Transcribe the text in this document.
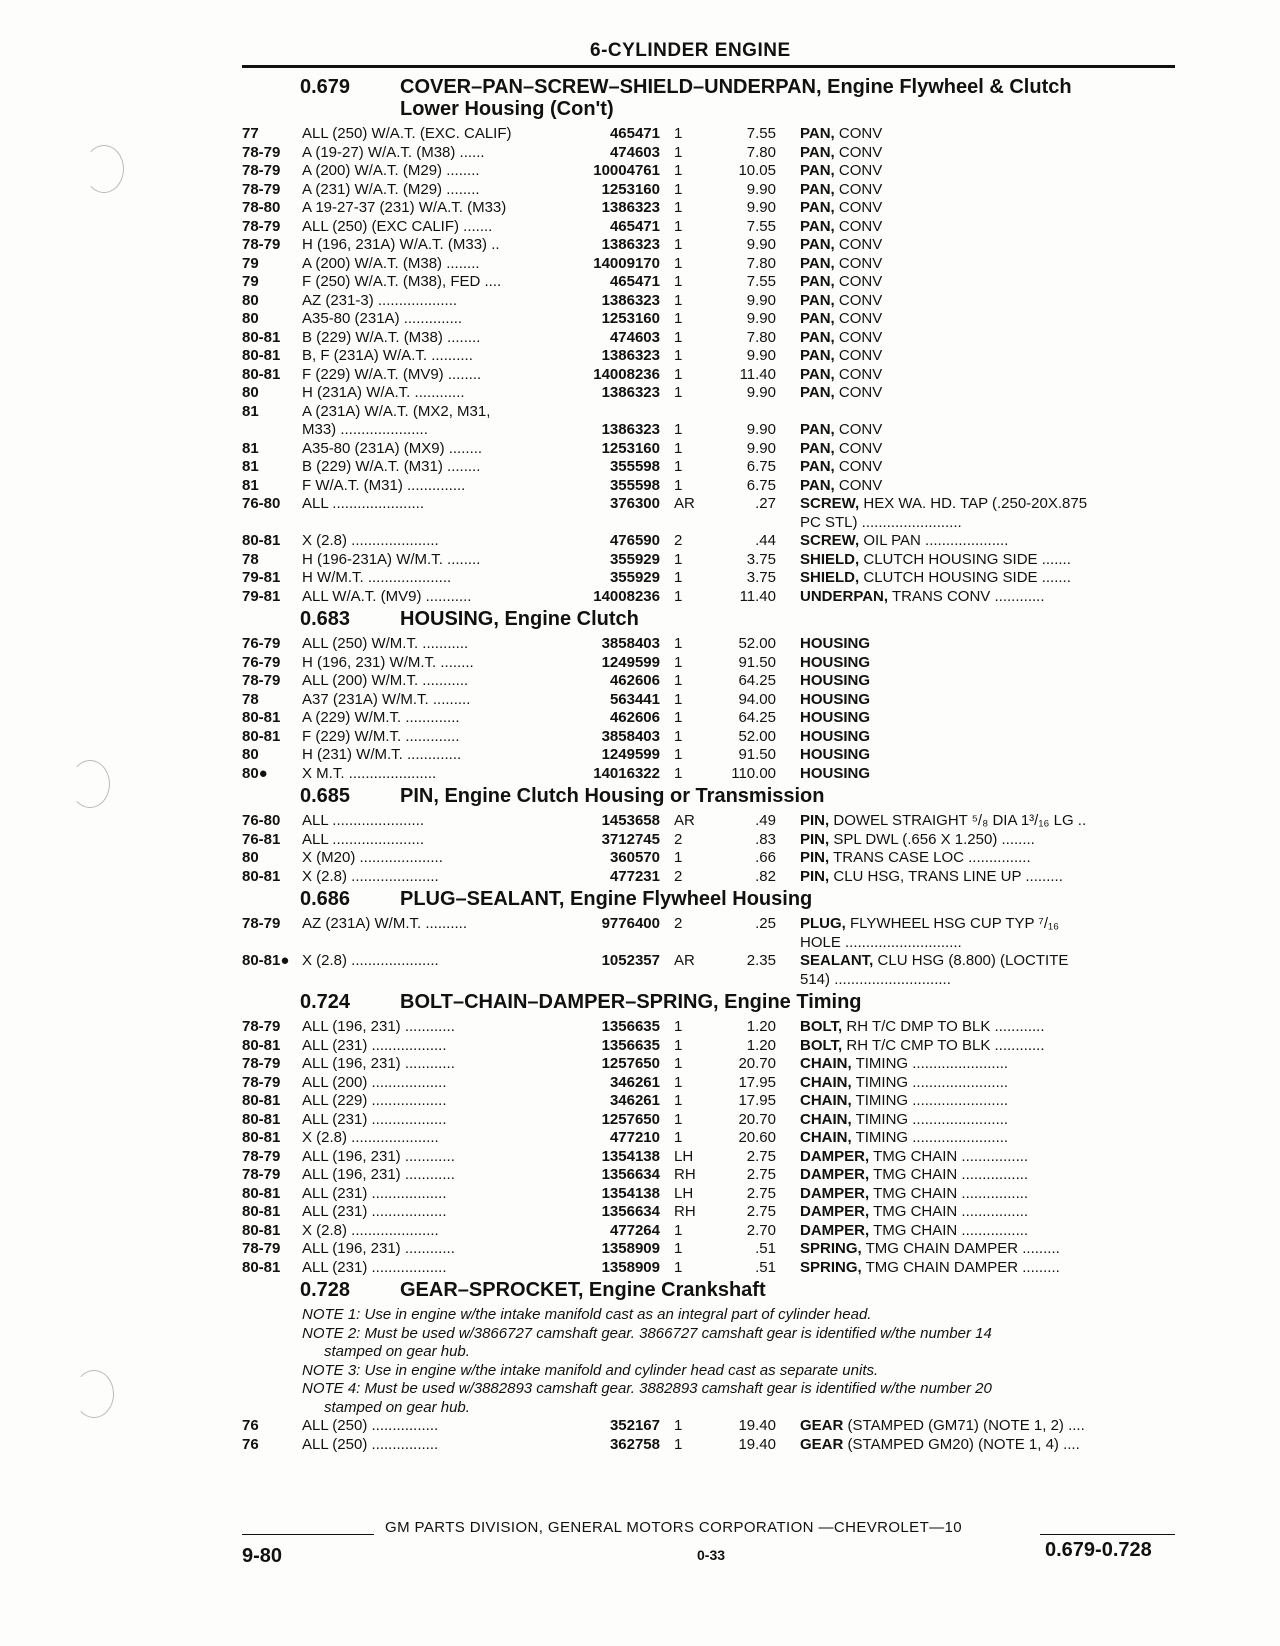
6-CYLINDER ENGINE
0.679	COVER–PAN–SCREW–SHIELD–UNDERPAN, Engine Flywheel & Clutch
Lower Housing (Con't)
77	ALL (250) W/A.T. (EXC. CALIF)	465471 1	7.55	PAN, CONV
78-79	A (19-27) W/A.T. (M38) ......	474603 1	7.80	PAN, CONV
78-79	A (200) W/A.T. (M29) ........	10004761 1	10.05	PAN, CONV
78-79	A (231) W/A.T. (M29) ........	1253160 1	9.90	PAN, CONV
78-80	A 19-27-37 (231) W/A.T. (M33)	1386323 1	9.90	PAN, CONV
78-79	ALL (250) (EXC CALIF) .......	465471 1	7.55	PAN, CONV
78-79	H (196, 231A) W/A.T. (M33) ..	1386323 1	9.90	PAN, CONV
79	A (200) W/A.T. (M38) ........	14009170 1	7.80	PAN, CONV
79	F (250) W/A.T. (M38), FED ....	465471 1	7.55	PAN, CONV
80	AZ (231-3) ...................	1386323 1	9.90	PAN, CONV
80	A35-80 (231A) ..............	1253160 1	9.90	PAN, CONV
80-81	B (229) W/A.T. (M38) ........	474603 1	7.80	PAN, CONV
80-81	B, F (231A) W/A.T. ..........	1386323 1	9.90	PAN, CONV
80-81	F (229) W/A.T. (MV9) ........	14008236 1	11.40	PAN, CONV
80	H (231A) W/A.T. ............	1386323 1	9.90	PAN, CONV
81	A (231A) W/A.T. (MX2, M31,
M33) .....................	1386323 1	9.90	PAN, CONV
81	A35-80 (231A) (MX9) ........	1253160 1	9.90	PAN, CONV
81	B (229) W/A.T. (M31) ........	355598 1	6.75	PAN, CONV
81	F W/A.T. (M31) ..............	355598 1	6.75	PAN, CONV
76-80	ALL ......................	376300 AR	.27	SCREW, HEX WA. HD. TAP (.250-20X.875
PC STL) ........................
80-81	X (2.8) .....................	476590 2	.44	SCREW, OIL PAN ....................
78	H (196-231A) W/M.T. ........	355929 1	3.75	SHIELD, CLUTCH HOUSING SIDE .......
79-81	H W/M.T. ....................	355929 1	3.75	SHIELD, CLUTCH HOUSING SIDE .......
79-81	ALL W/A.T. (MV9) ...........	14008236 1	11.40	UNDERPAN, TRANS CONV ............
0.683	HOUSING, Engine Clutch
76-79	ALL (250) W/M.T. ...........	3858403 1	52.00	HOUSING
76-79	H (196, 231) W/M.T. ........	1249599 1	91.50	HOUSING
78-79	ALL (200) W/M.T. ...........	462606 1	64.25	HOUSING
78	A37 (231A) W/M.T. .........	563441 1	94.00	HOUSING
80-81	A (229) W/M.T. .............	462606 1	64.25	HOUSING
80-81	F (229) W/M.T. .............	3858403 1	52.00	HOUSING
80	H (231) W/M.T. .............	1249599 1	91.50	HOUSING
80●	X M.T. .....................	14016322 1	110.00	HOUSING
0.685	PIN, Engine Clutch Housing or Transmission
76-80	ALL ......................	1453658 AR	.49	PIN, DOWEL STRAIGHT ⁵/₈ DIA 1³/₁₆ LG ..
76-81	ALL ......................	3712745 2	.83	PIN, SPL DWL (.656 X 1.250) ........
80	X (M20) ....................	360570 1	.66	PIN, TRANS CASE LOC ...............
80-81	X (2.8) .....................	477231 2	.82	PIN, CLU HSG, TRANS LINE UP .........
0.686	PLUG–SEALANT, Engine Flywheel Housing
78-79	AZ (231A) W/M.T. ..........	9776400 2	.25	PLUG, FLYWHEEL HSG CUP TYP ⁷/₁₆
HOLE ............................
80-81● X (2.8) .....................	1052357 AR	2.35	SEALANT, CLU HSG (8.800) (LOCTITE
514) ............................
0.724	BOLT–CHAIN–DAMPER–SPRING, Engine Timing
78-79	ALL (196, 231) ............	1356635 1	1.20	BOLT, RH T/C DMP TO BLK ............
80-81	ALL (231) ..................	1356635 1	1.20	BOLT, RH T/C CMP TO BLK ............
78-79	ALL (196, 231) ............	1257650 1	20.70	CHAIN, TIMING .......................
78-79	ALL (200) ..................	346261 1	17.95	CHAIN, TIMING .......................
80-81	ALL (229) ..................	346261 1	17.95	CHAIN, TIMING .......................
80-81	ALL (231) ..................	1257650 1	20.70	CHAIN, TIMING .......................
80-81	X (2.8) .....................	477210 1	20.60	CHAIN, TIMING .......................
78-79	ALL (196, 231) ............	1354138 LH	2.75	DAMPER, TMG CHAIN ................
78-79	ALL (196, 231) ............	1356634 RH	2.75	DAMPER, TMG CHAIN ................
80-81	ALL (231) ..................	1354138 LH	2.75	DAMPER, TMG CHAIN ................
80-81	ALL (231) ..................	1356634 RH	2.75	DAMPER, TMG CHAIN ................
80-81	X (2.8) .....................	477264 1	2.70	DAMPER, TMG CHAIN ................
78-79	ALL (196, 231) ............	1358909 1	.51	SPRING, TMG CHAIN DAMPER .........
80-81	ALL (231) ..................	1358909 1	.51	SPRING, TMG CHAIN DAMPER .........
0.728	GEAR–SPROCKET, Engine Crankshaft
NOTE 1: Use in engine w/the intake manifold cast as an integral part of cylinder head.
NOTE 2: Must be used w/3866727 camshaft gear. 3866727 camshaft gear is identified w/the number 14
stamped on gear hub.
NOTE 3: Use in engine w/the intake manifold and cylinder head cast as separate units.
NOTE 4: Must be used w/3882893 camshaft gear. 3882893 camshaft gear is identified w/the number 20
stamped on gear hub.
76	ALL (250) ................	352167 1	19.40	GEAR (STAMPED (GM71) (NOTE 1, 2) ....
76	ALL (250) ................	362758 1	19.40	GEAR (STAMPED GM20) (NOTE 1, 4) ....
GM PARTS DIVISION, GENERAL MOTORS CORPORATION —CHEVROLET—10
9-80	0-33	0.679-0.728
